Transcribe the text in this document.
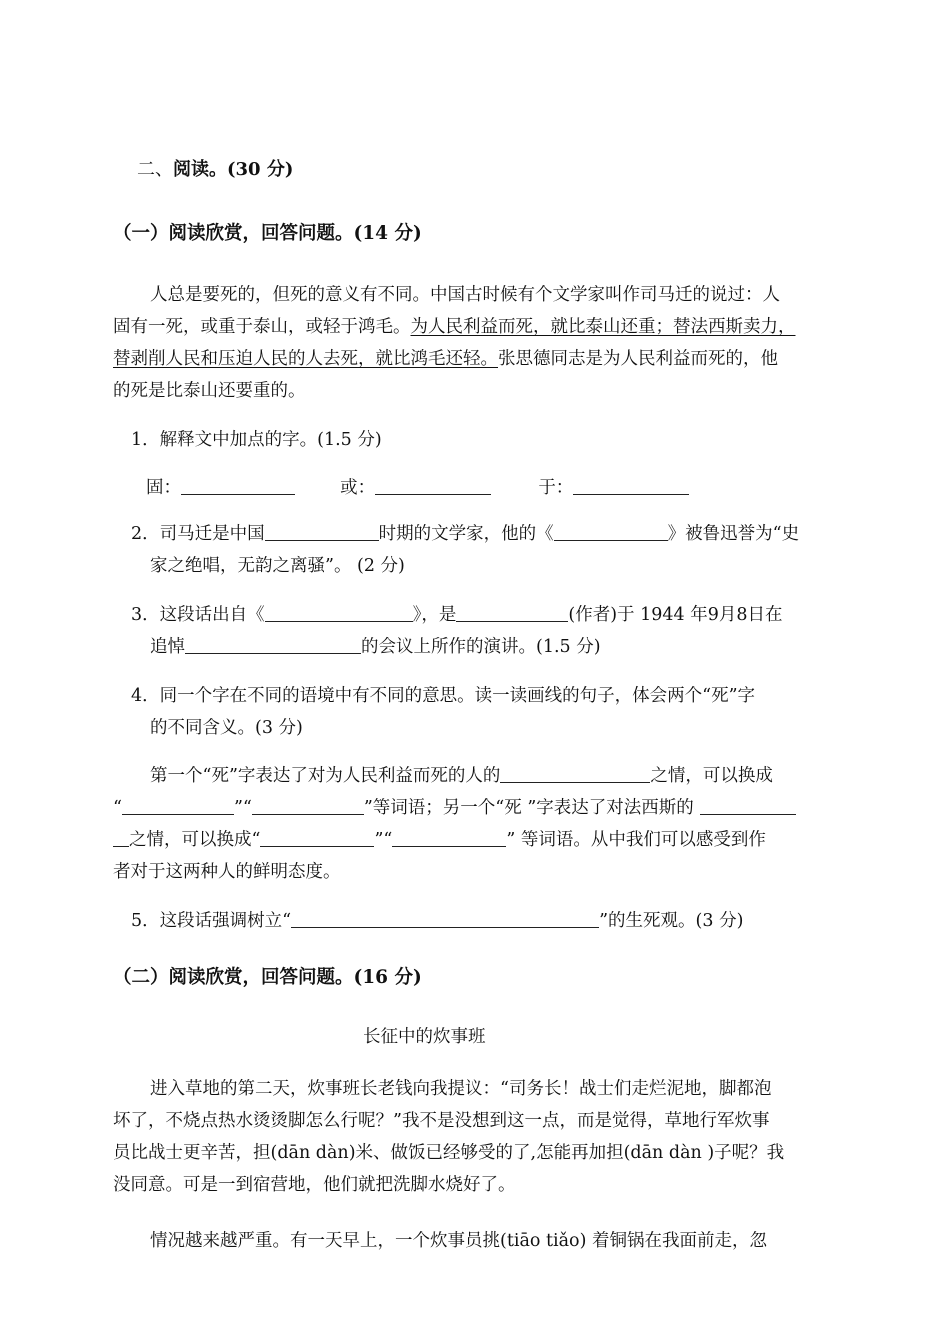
二、阅读。(30 分)
（一）阅读欣赏，回答问题。(14 分)
人总是要死的，但死的意义有不同。中国古时候有个文学家叫作司马迁的说过：人
固有一死，或重于泰山，或轻于鸿毛。为人民利益而死，就比泰山还重；替法西斯卖力，
替剥削人民和压迫人民的人去死，就比鸿毛还轻。张思德同志是为人民利益而死的，他
的死是比泰山还要重的。
1．解释文中加点的字。(1.5 分)
固：	或：	于：
2．司马迁是中国	时期的文学家，他的《	》被鲁迅誉为“史
家之绝唱，无韵之离骚”。 (2 分)
3．这段话出自《	》，是	(作者)于 1944 年9月8日在
追悼	的会议上所作的演讲。(1.5 分)
4．同一个字在不同的语境中有不同的意思。读一读画线的句子，体会两个“死”字
的不同含义。(3 分)
第一个“死”字表达了对为人民利益而死的人的	之情，可以换成
“	”“	”等词语；另一个“死 ”字表达了对法西斯的
之情，可以换成“	”“	” 等词语。从中我们可以感受到作
者对于这两种人的鲜明态度。
5．这段话强调树立“	”的生死观。(3 分)
（二）阅读欣赏，回答问题。(16 分)
长征中的炊事班
进入草地的第二天，炊事班长老钱向我提议：“司务长！战士们走烂泥地，脚都泡
坏了，不烧点热水烫烫脚怎么行呢？”我不是没想到这一点，而是觉得，草地行军炊事
员比战士更辛苦，担(dān dàn)米、做饭已经够受的了,怎能再加担(dān dàn )子呢？我
没同意。可是一到宿营地，他们就把洗脚水烧好了。
情况越来越严重。有一天早上，一个炊事员挑(tiāo tiǎo) 着铜锅在我面前走，忽
